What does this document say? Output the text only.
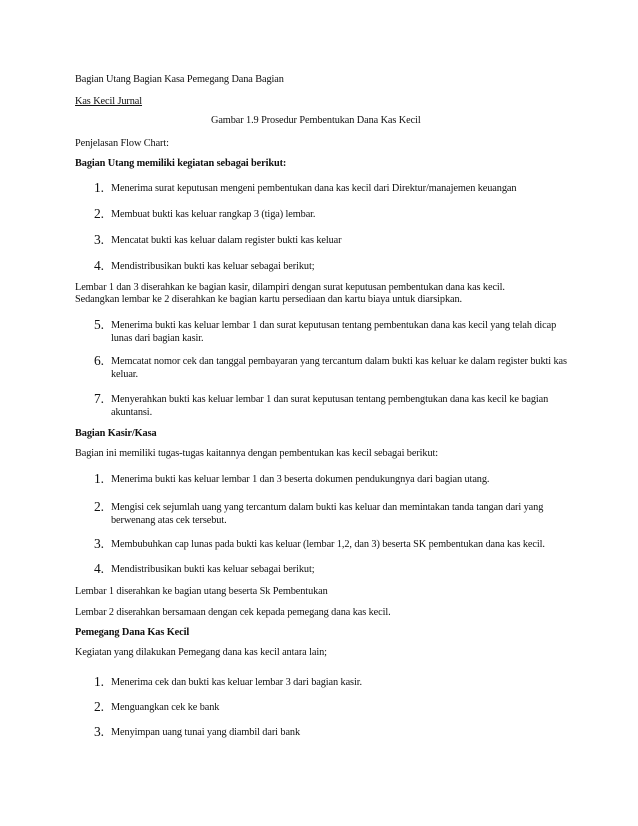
Bagian Utang Bagian Kasa Pemegang Dana Bagian
Kas Kecil Jurnal
Gambar 1.9 Prosedur Pembentukan Dana Kas Kecil
Penjelasan Flow Chart:
Bagian Utang memiliki kegiatan sebagai berikut:
1. Menerima surat keputusan mengeni pembentukan dana kas kecil dari Direktur/manajemen keuangan
2. Membuat bukti kas keluar rangkap 3 (tiga) lembar.
3. Mencatat bukti kas keluar dalam register bukti kas keluar
4. Mendistribusikan bukti kas keluar sebagai berikut;
Lembar 1 dan 3 diserahkan ke bagian kasir, dilampiri dengan surat keputusan pembentukan dana kas kecil.
Sedangkan lembar ke 2 diserahkan ke bagian kartu persediaan dan kartu biaya untuk diarsipkan.
5. Menerima bukti kas keluar lembar 1 dan surat keputusan tentang pembentukan dana kas kecil yang telah dicap lunas dari bagian kasir.
6. Memcatat nomor cek dan tanggal pembayaran yang tercantum dalam bukti kas keluar ke dalam register bukti kas keluar.
7. Menyerahkan bukti kas keluar lembar 1 dan surat keputusan tentang pembengtukan dana kas kecil ke bagian akuntansi.
Bagian Kasir/Kasa
Bagian ini memiliki tugas-tugas kaitannya dengan pembentukan kas kecil sebagai berikut:
1. Menerima bukti kas keluar lembar 1 dan 3 beserta dokumen pendukungnya dari bagian utang.
2. Mengisi cek sejumlah uang yang tercantum dalam bukti kas keluar dan memintakan tanda tangan dari yang berwenang atas cek tersebut.
3. Membubuhkan cap lunas pada bukti kas keluar (lembar 1,2, dan 3) beserta SK pembentukan dana kas kecil.
4. Mendistribusikan bukti kas keluar sebagai berikut;
Lembar 1 diserahkan ke bagian utang beserta Sk Pembentukan
Lembar 2 diserahkan bersamaan dengan cek kepada pemegang dana kas kecil.
Pemegang Dana Kas Kecil
Kegiatan yang dilakukan Pemegang dana kas kecil antara lain;
1. Menerima cek dan bukti kas keluar lembar 3 dari bagian kasir.
2. Menguangkan cek ke bank
3. Menyimpan uang tunai yang diambil dari bank
